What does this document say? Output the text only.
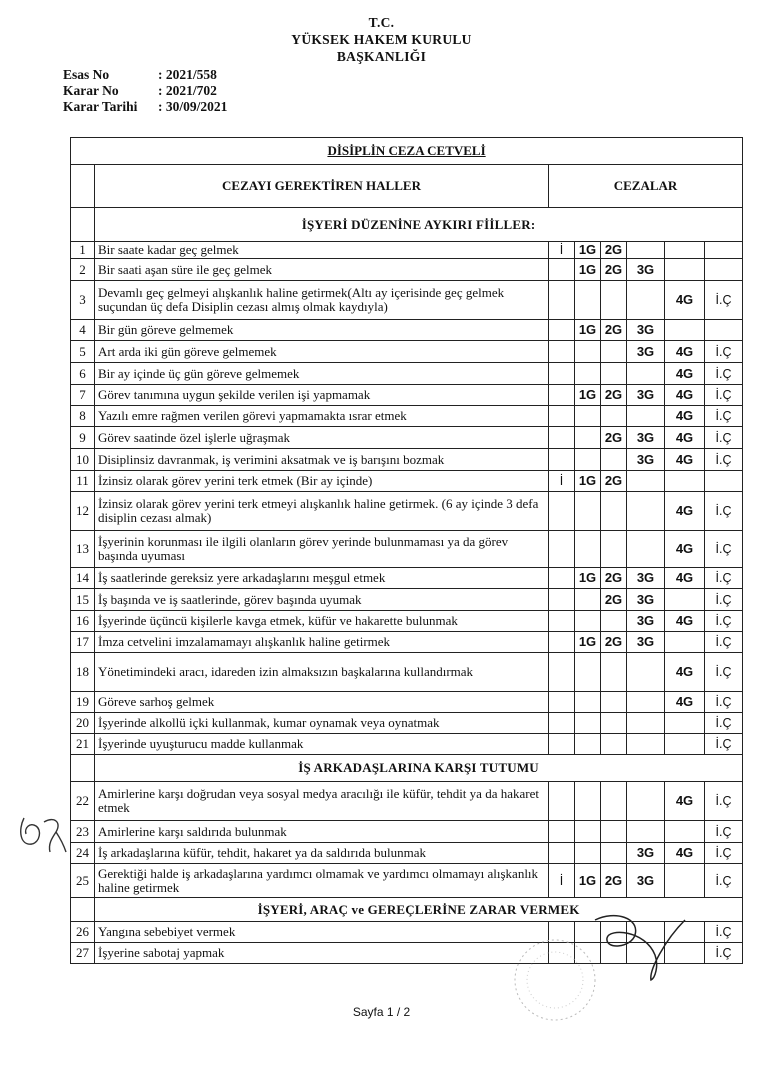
T.C.
YÜKSEK HAKEM KURULU
BAŞKANLIĞI
Esas No	: 2021/558
Karar No	: 2021/702
Karar Tarihi	: 30/09/2021
DİSİPLİN CEZA CETVELİ							
	CEZAYI GEREKTİREN HALLER	CEZALAR					
	İŞYERİ DÜZENİNE AYKIRI FİİLLER:						
1	Bir saate kadar geç gelmek	İ	1G	2G			
2	Bir saati aşan süre ile geç gelmek		1G	2G	3G		
3	Devamlı geç gelmeyi alışkanlık haline getirmek(Altı ay içerisinde geç gelmek suçundan üç defa Disiplin cezası almış olmak kaydıyla)					4G	İ.Ç
4	Bir gün göreve gelmemek		1G	2G	3G		
5	Art arda iki gün göreve gelmemek				3G	4G	İ.Ç
6	Bir ay içinde üç gün göreve gelmemek					4G	İ.Ç
7	Görev tanımına uygun şekilde verilen işi yapmamak		1G	2G	3G	4G	İ.Ç
8	Yazılı emre rağmen verilen görevi yapmamakta ısrar etmek					4G	İ.Ç
9	Görev saatinde özel işlerle uğraşmak			2G	3G	4G	İ.Ç
10	Disiplinsiz davranmak, iş verimini aksatmak ve iş barışını bozmak				3G	4G	İ.Ç
11	İzinsiz olarak görev yerini terk etmek (Bir ay içinde)	İ	1G	2G			
12	İzinsiz olarak görev yerini terk etmeyi alışkanlık haline getirmek. (6 ay içinde 3 defa disiplin cezası almak)					4G	İ.Ç
13	İşyerinin korunması ile ilgili olanların görev yerinde bulunmaması ya da görev başında uyuması					4G	İ.Ç
14	İş saatlerinde gereksiz yere arkadaşlarını meşgul etmek		1G	2G	3G	4G	İ.Ç
15	İş başında ve iş saatlerinde, görev başında uyumak			2G	3G		İ.Ç
16	İşyerinde üçüncü kişilerle kavga etmek, küfür ve hakarette bulunmak				3G	4G	İ.Ç
17	İmza cetvelini imzalamamayı alışkanlık haline getirmek		1G	2G	3G		İ.Ç
18	Yönetimindeki aracı, idareden izin almaksızın başkalarına kullandırmak					4G	İ.Ç
19	Göreve sarhoş gelmek					4G	İ.Ç
20	İşyerinde alkollü içki kullanmak, kumar oynamak veya oynatmak						İ.Ç
21	İşyerinde uyuşturucu madde kullanmak						İ.Ç
	İŞ ARKADAŞLARINA KARŞI TUTUMU						
22	Amirlerine karşı doğrudan veya sosyal medya aracılığı ile küfür, tehdit ya da hakaret etmek					4G	İ.Ç
23	Amirlerine karşı saldırıda bulunmak						İ.Ç
24	İş arkadaşlarına küfür, tehdit, hakaret ya da saldırıda bulunmak				3G	4G	İ.Ç
25	Gerektiği halde iş arkadaşlarına yardımcı olmamak ve yardımcı olmamayı alışkanlık haline getirmek	İ	1G	2G	3G		İ.Ç
	İŞYERİ, ARAÇ ve GEREÇLERİNE ZARAR VERMEK						
26	Yangına sebebiyet vermek						İ.Ç
27	İşyerine sabotaj yapmak						İ.Ç
Sayfa 1 / 2
